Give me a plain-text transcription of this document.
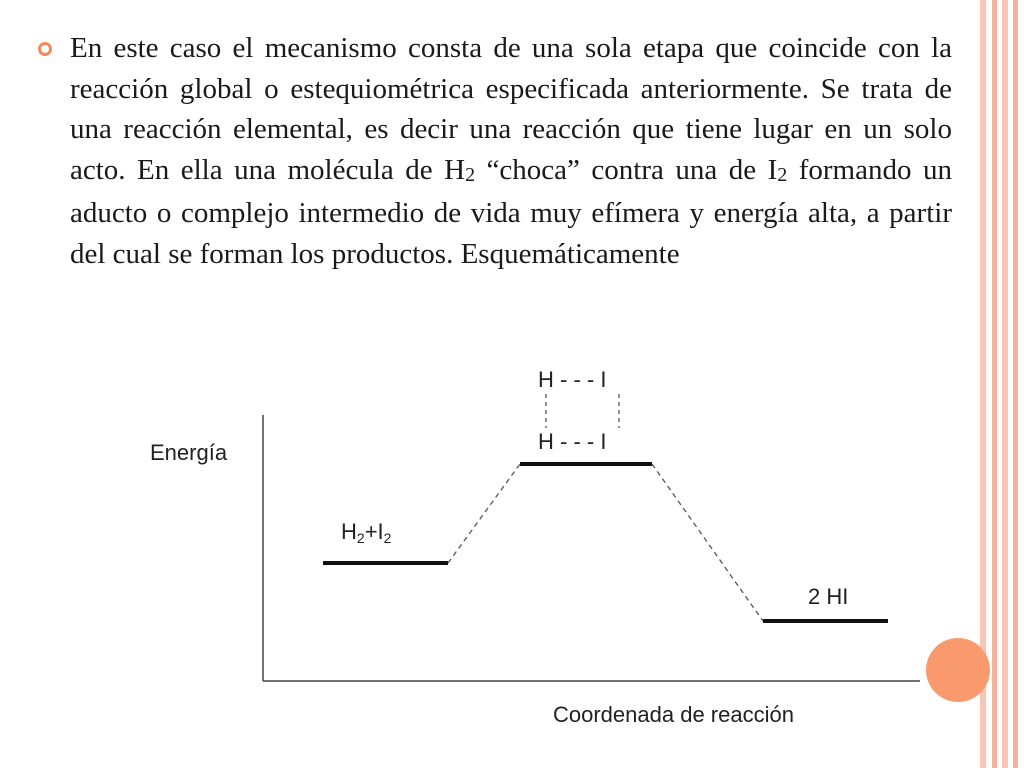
En este caso el mecanismo consta de una sola etapa que coincide con la reacción global o estequiométrica especificada anteriormente. Se trata de una reacción elemental, es decir una reacción que tiene lugar en un solo acto. En ella una molécula de $H_2$ “choca” contra una de $I_2$ formando un aducto o complejo intermedio de vida muy efímera y energía alta, a partir del cual se forman los productos. Esquemáticamente
Energía
Coordenada de reacción
H - - - I
H - - - I
H2+I2
2 HI
